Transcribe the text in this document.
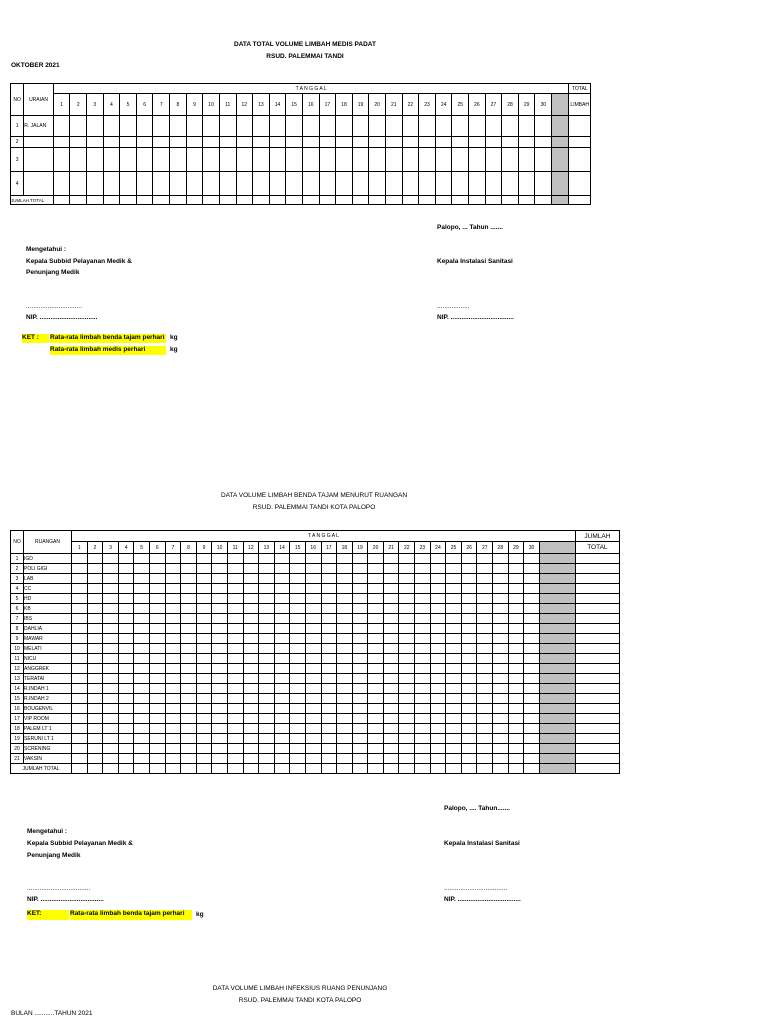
DATA TOTAL VOLUME LIMBAH MEDIS PADAT
RSUD. PALEMMAI TANDI
OKTOBER 2021
NO	URAIAN	T A N G G A L																															TOTAL
		1	2	3	4	5	6	7	8	9	10	11	12	13	14	15	16	17	18	19	20	21	22	23	24	25	26	27	28	29	30		LIMBAH
1	R. JALAN																																
2																																	
3																																	
4																																	
JUMLAH TOTAL																																	
Palopo, ... Tahun .......
Mengetahui :
Kepala Subbid Pelayanan Medik &
Penunjang Medik
Kepala Instalasi Sanitasi
...............................
NIP. ................................
..................
NIP. ...................................
KET :	Rata-rata limbah benda tajam perhari kg
Rata-rata limbah medis perhari	kg
DATA VOLUME LIMBAH BENDA TAJAM MENURUT RUANGAN
RSUD. PALEMMAI TANDI KOTA PALOPO
NO	RUANGAN	T A N G G A L																															JUMLAH
		1	2	3	4	5	6	7	8	9	10	11	12	13	14	15	16	17	18	19	20	21	22	23	24	25	26	27	28	29	30		TOTAL
1	IGD																																
2	POLI GIGI																																
3	LAB																																
4	CC																																
5	HD																																
6	KB																																
7	IBS																																
8	DAHLIA																																
9	MAWAR																																
10	MELATI																																
11	NICU																																
12	ANGGREK																																
13	TERATAI																																
14	R.INDAH 1																																
15	R.INDAH 2																																
16	BOUGENVIL																																
17	VIP ROOM																																
18	PALEM LT 1																																
19	SERUNI LT 1																																
20	SCRENING																																
21	VAKSIN																																
JUMLAH TOTAL																																	
Palopo, .... Tahun.......
Mengetahui :
Kepala Subbid Pelayanan Medik &
Penunjang Medik
Kepala Instalasi Sanitasi
...................................
NIP. ...................................
...................................
NIP. ...................................
KET:	Rata-rata limbah benda tajam perhari	kg
DATA VOLUME LIMBAH INFEKSIUS RUANG PENUNJANG
RSUD. PALEMMAI TANDI KOTA PALOPO
BULAN ...........TAHUN 2021
